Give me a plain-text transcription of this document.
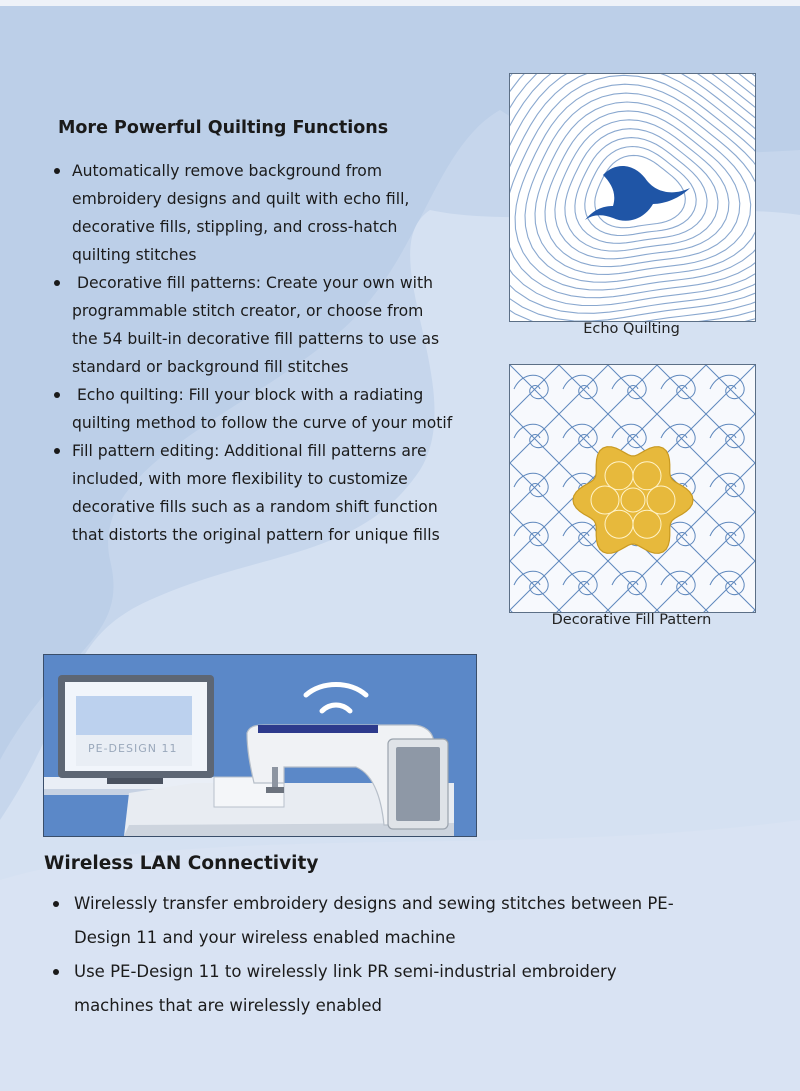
More Powerful Quilting Functions
Automatically remove background from
embroidery designs and quilt with echo fill,
decorative fills, stippling, and cross-hatch
quilting stitches
Decorative fill patterns: Create your own with
programmable stitch creator, or choose from
the 54 built-in decorative fill patterns to use as
standard or background fill stitches
Echo quilting: Fill your block with a radiating
quilting method to follow the curve of your motif
Fill pattern editing: Additional fill patterns are
included, with more flexibility to customize
decorative fills such as a random shift function
that distorts the original pattern for unique fills
Echo Quilting
Decorative Fill Pattern
PE-DESIGN 11
Wireless LAN Connectivity
Wirelessly transfer embroidery designs and sewing stitches between PE-
Design 11 and your wireless enabled machine
Use PE-Design 11 to wirelessly link PR semi-industrial embroidery
machines that are wirelessly enabled
